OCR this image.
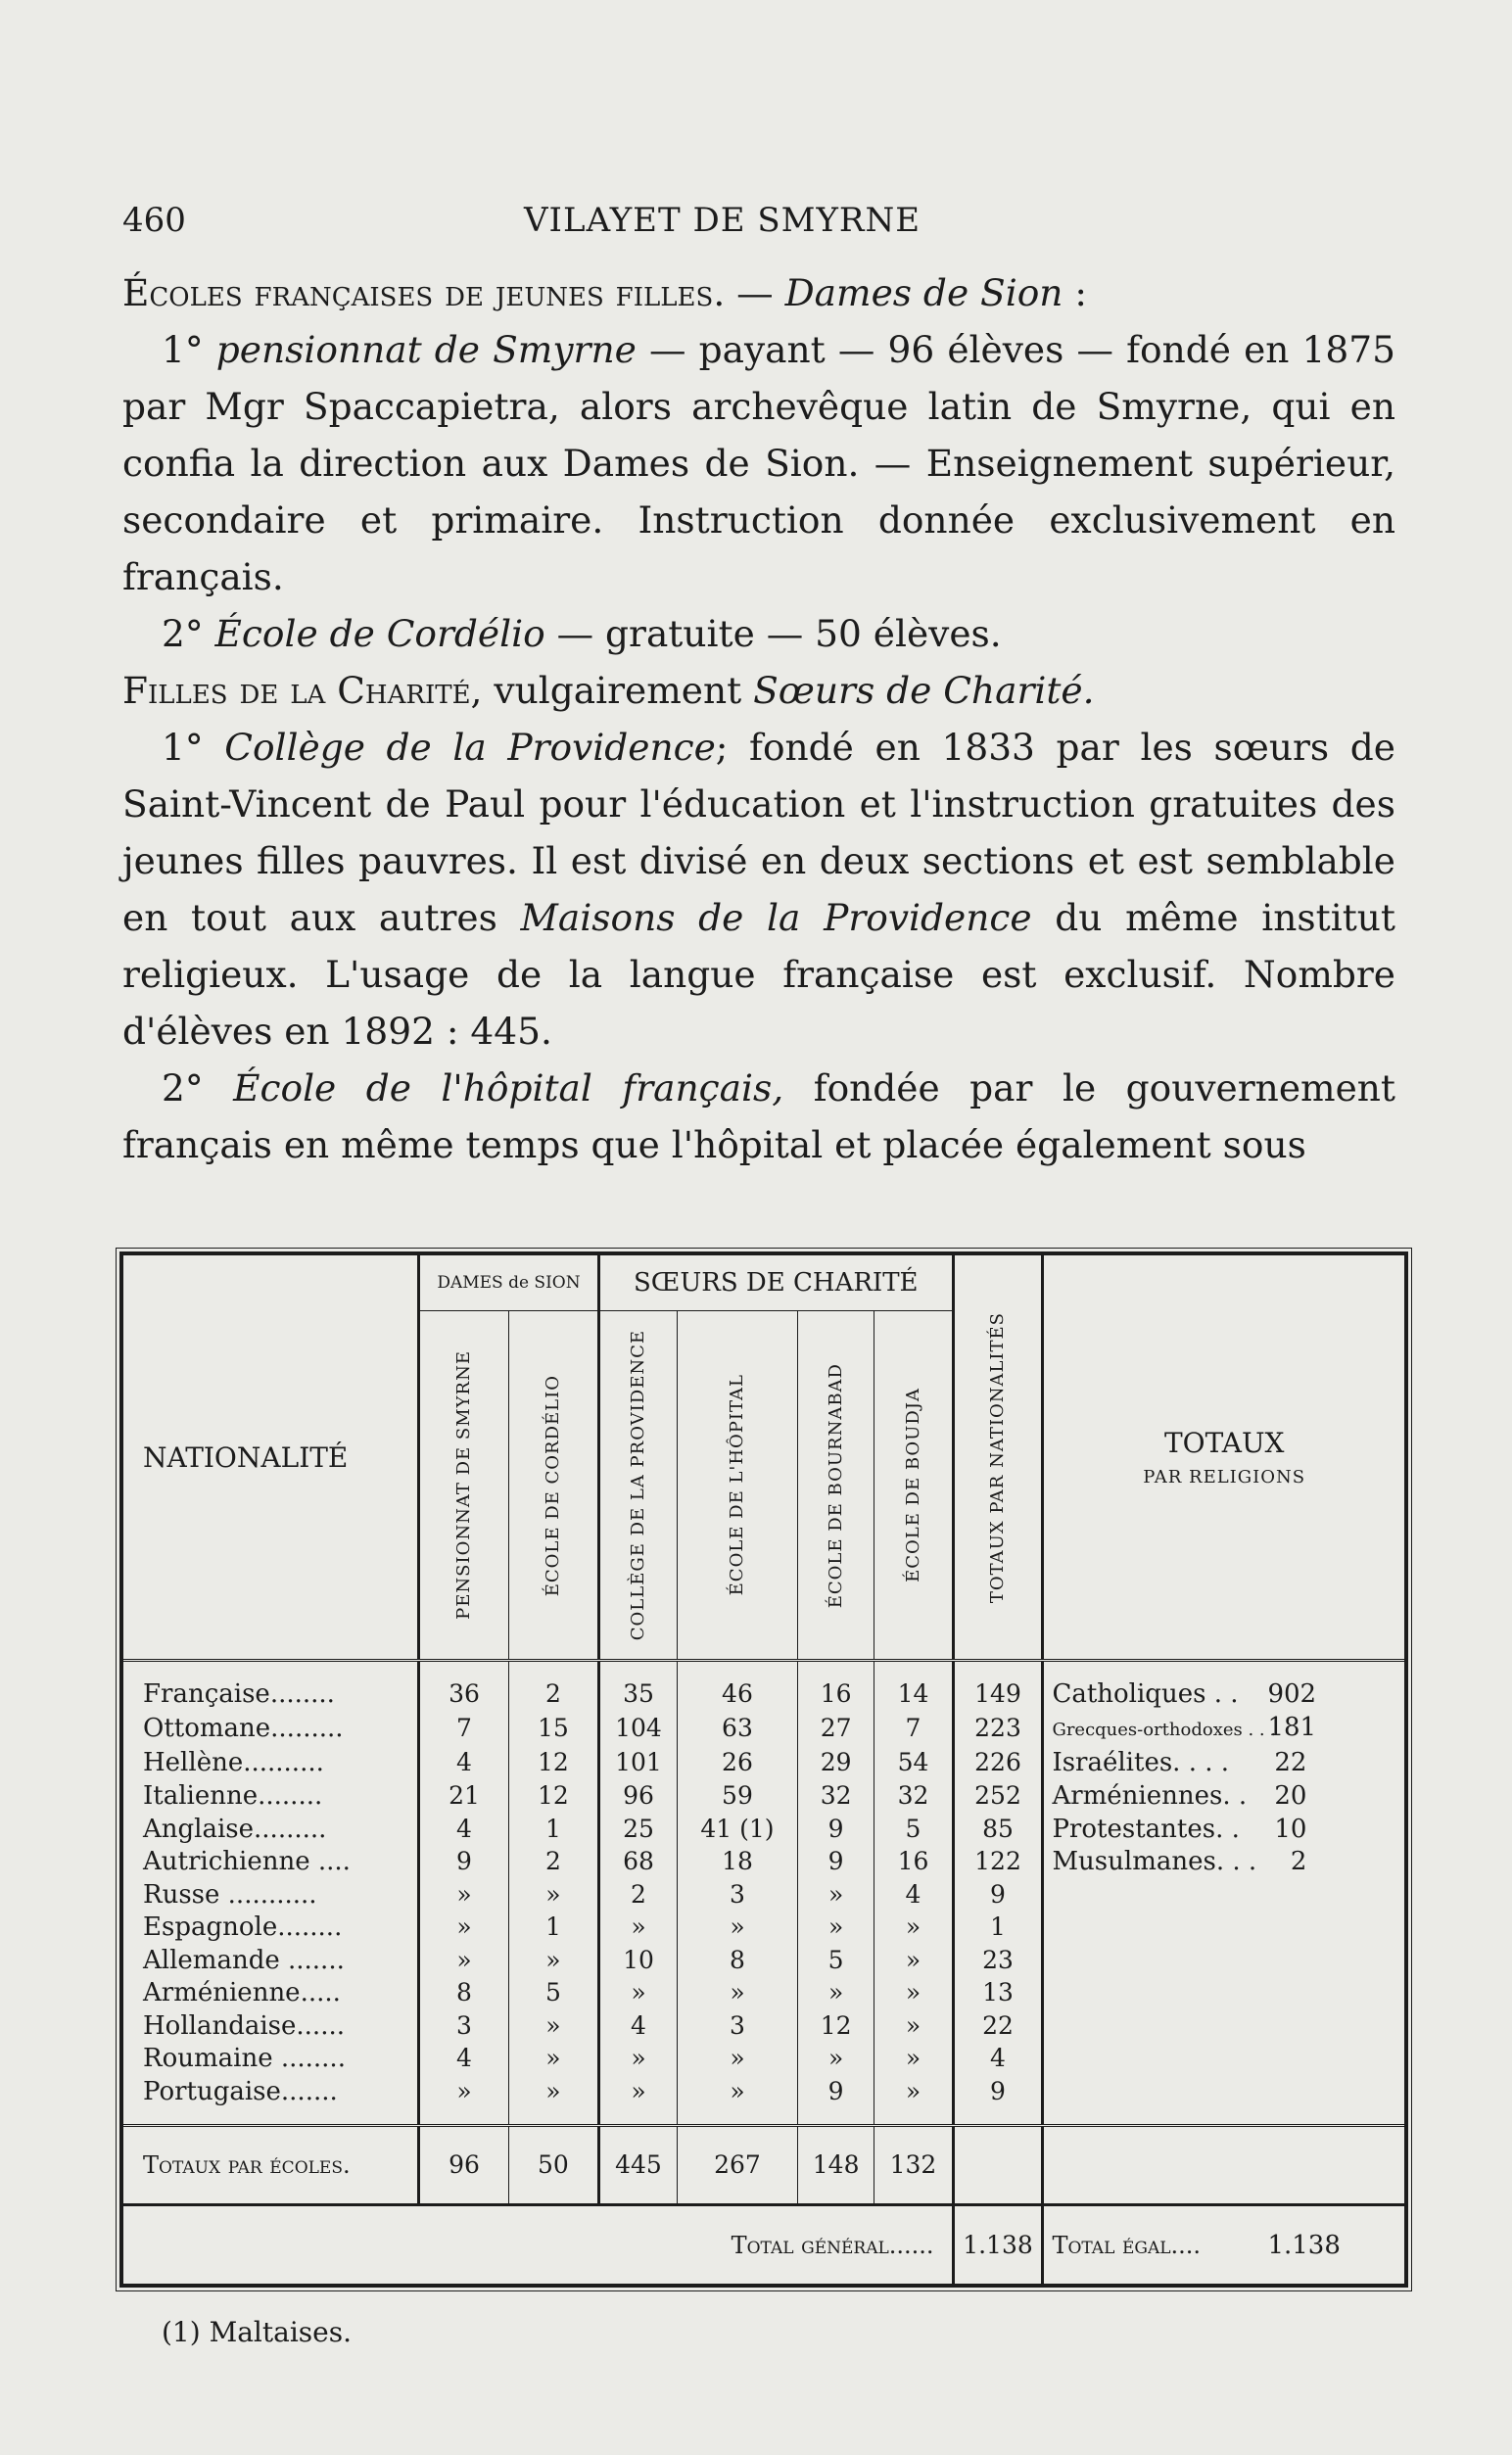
460	VILAYET DE SMYRNE

Écoles françaises de jeunes filles. — Dames de Sion :

1° pensionnat de Smyrne — payant — 96 élèves — fondé en 1875 par Mgr Spaccapietra, alors archevêque latin de Smyrne, qui en confia la direction aux Dames de Sion. — Enseignement supérieur, secondaire et primaire. Instruction donnée exclusivement en français.

2° École de Cordélio — gratuite — 50 élèves.

Filles de la Charité, vulgairement Sœurs de Charité.

1° Collège de la Providence; fondé en 1833 par les sœurs de Saint-Vincent de Paul pour l'éducation et l'instruction gratuites des jeunes filles pauvres. Il est divisé en deux sections et est semblable en tout aux autres Maisons de la Providence du même institut religieux. L'usage de la langue française est exclusif. Nombre d'élèves en 1892 : 445.

2° École de l'hôpital français, fondée par le gouvernement français en même temps que l'hôpital et placée également sous

NATIONALITÉ	DAMES de SION		SŒURS DE CHARITÉ				TOTAUX PAR NATIONALITÉS	TOTAUX
PAR RELIGIONS

	PENSIONNAT DE SMYRNE	ÉCOLE DE CORDÉLIO	COLLÈGE DE LA PROVIDENCE	ÉCOLE DE L'HÔPITAL	ÉCOLE DE BOURNABAD	ÉCOLE DE BOUDJA		

Française........	36	2	35	46	16	14	149	Catholiques . . 902
Ottomane.........	7	15	104	63	27	7	223	Grecques-orthodoxes . . .181
Hellène..........	4	12	101	26	29	54	226	Israélites. . . . 22
Italienne........	21	12	96	59	32	32	252	Arméniennes. . 20
Anglaise.........	4	1	25	41 (1)	9	5	85	Protestantes. . 10
Autrichienne ....	9	2	68	18	9	16	122	Musulmanes. . . 2
Russe ...........	»	»	2	3	»	4	9	
Espagnole........	»	1	»	»	»	»	1	
Allemande .......	»	»	10	8	5	»	23	
Arménienne.....	8	5	»	»	»	»	13	
Hollandaise......	3	»	4	3	12	»	22	
Roumaine ........	4	»	»	»	»	»	4	
Portugaise.......	»	»	»	»	9	»	9	

Totaux par écoles.	96	50	445	267	148	132		
Total général......							1.138	Total égal.... 1.138
(1) Maltaises.
